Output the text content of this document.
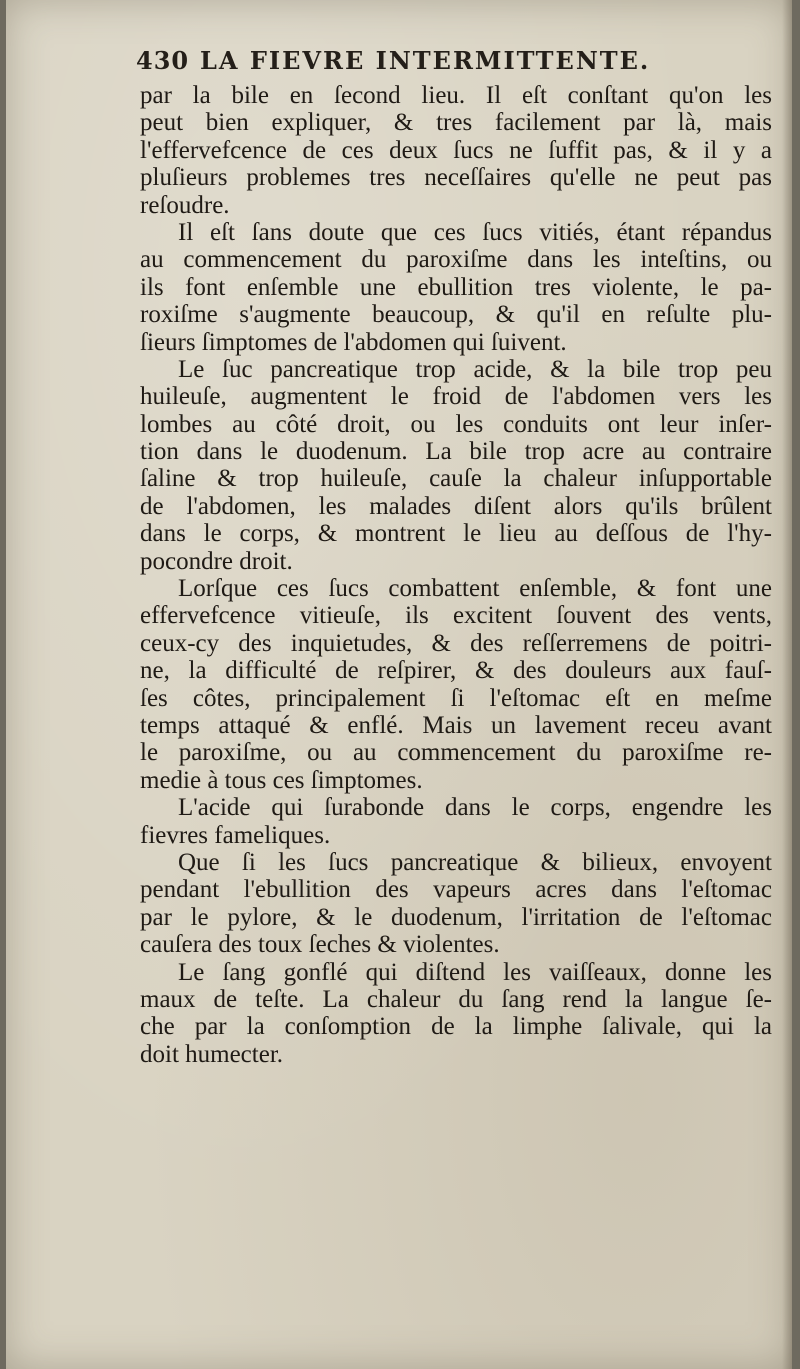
430 LA FIEVRE INTERMITTENTE.
par la bile en ſecond lieu. Il eſt conſtant qu'on les
peut bien expliquer, & tres facilement par là, mais
l'effervefcence de ces deux ſucs ne ſuffit pas, & il y a
pluſieurs problemes tres neceſſaires qu'elle ne peut pas
reſoudre.
Il eſt ſans doute que ces ſucs vitiés, étant répandus
au commencement du paroxiſme dans les inteſtins, ou
ils font enſemble une ebullition tres violente, le pa-
roxiſme s'augmente beaucoup, & qu'il en reſulte plu-
ſieurs ſimptomes de l'abdomen qui ſuivent.
Le ſuc pancreatique trop acide, & la bile trop peu
huileuſe, augmentent le froid de l'abdomen vers les
lombes au côté droit, ou les conduits ont leur inſer-
tion dans le duodenum. La bile trop acre au contraire
ſaline & trop huileuſe, cauſe la chaleur inſupportable
de l'abdomen, les malades diſent alors qu'ils brûlent
dans le corps, & montrent le lieu au deſſous de l'hy-
pocondre droit.
Lorſque ces ſucs combattent enſemble, & font une
effervefcence vitieuſe, ils excitent ſouvent des vents,
ceux-cy des inquietudes, & des reſſerremens de poitri-
ne, la difficulté de reſpirer, & des douleurs aux fauſ-
ſes côtes, principalement ſi l'eſtomac eſt en meſme
temps attaqué & enflé. Mais un lavement receu avant
le paroxiſme, ou au commencement du paroxiſme re-
medie à tous ces ſimptomes.
L'acide qui ſurabonde dans le corps, engendre les
fievres fameliques.
Que ſi les ſucs pancreatique & bilieux, envoyent
pendant l'ebullition des vapeurs acres dans l'eſtomac
par le pylore, & le duodenum, l'irritation de l'eſtomac
cauſera des toux ſeches & violentes.
Le ſang gonflé qui diſtend les vaiſſeaux, donne les
maux de teſte. La chaleur du ſang rend la langue ſe-
che par la conſomption de la limphe ſalivale, qui la
doit humecter.
